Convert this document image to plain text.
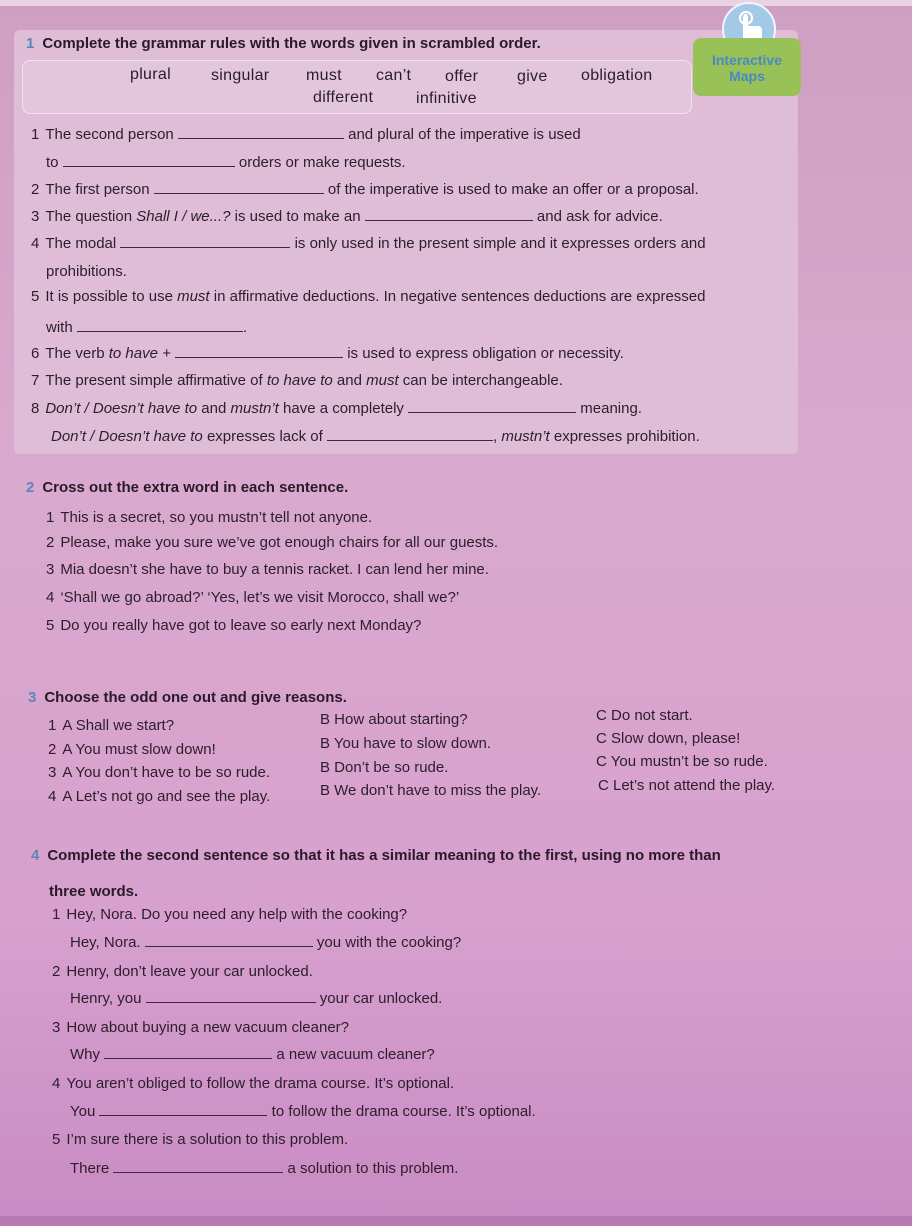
Interactive
Maps
1 Complete the grammar rules with the words given in scrambled order.
plural	singular must can’t offer give obligation
different	infinitive
1 The second person	and plural of the imperative is used
to	orders or make requests.
2 The first person	of the imperative is used to make an offer or a proposal.
3 The question Shall I / we...? is used to make an	and ask for advice.
4 The modal	is only used in the present simple and it expresses orders and
prohibitions.
5 It is possible to use must in affirmative deductions. In negative sentences deductions are expressed
with	.
6 The verb to have +	is used to express obligation or necessity.
7 The present simple affirmative of to have to and must can be interchangeable.
8 Don’t / Doesn’t have to and mustn’t have a completely	meaning.
Don’t / Doesn’t have to expresses lack of	, mustn’t expresses prohibition.
2 Cross out the extra word in each sentence.
1 This is a secret, so you mustn’t tell not anyone.
2 Please, make you sure we’ve got enough chairs for all our guests.
3 Mia doesn’t she have to buy a tennis racket. I can lend her mine.
4 ‘Shall we go abroad?’ ‘Yes, let’s we visit Morocco, shall we?’
5 Do you really have got to leave so early next Monday?
3 Choose the odd one out and give reasons.
1 A Shall we start?	B How about starting?	C Do not start.
2 A You must slow down!	B You have to slow down.	C Slow down, please!
3 A You don’t have to be so rude.	B Don’t be so rude.	C You mustn’t be so rude.
4 A Let’s not go and see the play.	B We don’t have to miss the play.	C Let’s not attend the play.
4 Complete the second sentence so that it has a similar meaning to the first, using no more than
three words.
1 Hey, Nora. Do you need any help with the cooking?
Hey, Nora.	you with the cooking?
2 Henry, don’t leave your car unlocked.
Henry, you	your car unlocked.
3 How about buying a new vacuum cleaner?
Why	a new vacuum cleaner?
4 You aren’t obliged to follow the drama course. It’s optional.
You	to follow the drama course. It’s optional.
5 I’m sure there is a solution to this problem.
There	a solution to this problem.
